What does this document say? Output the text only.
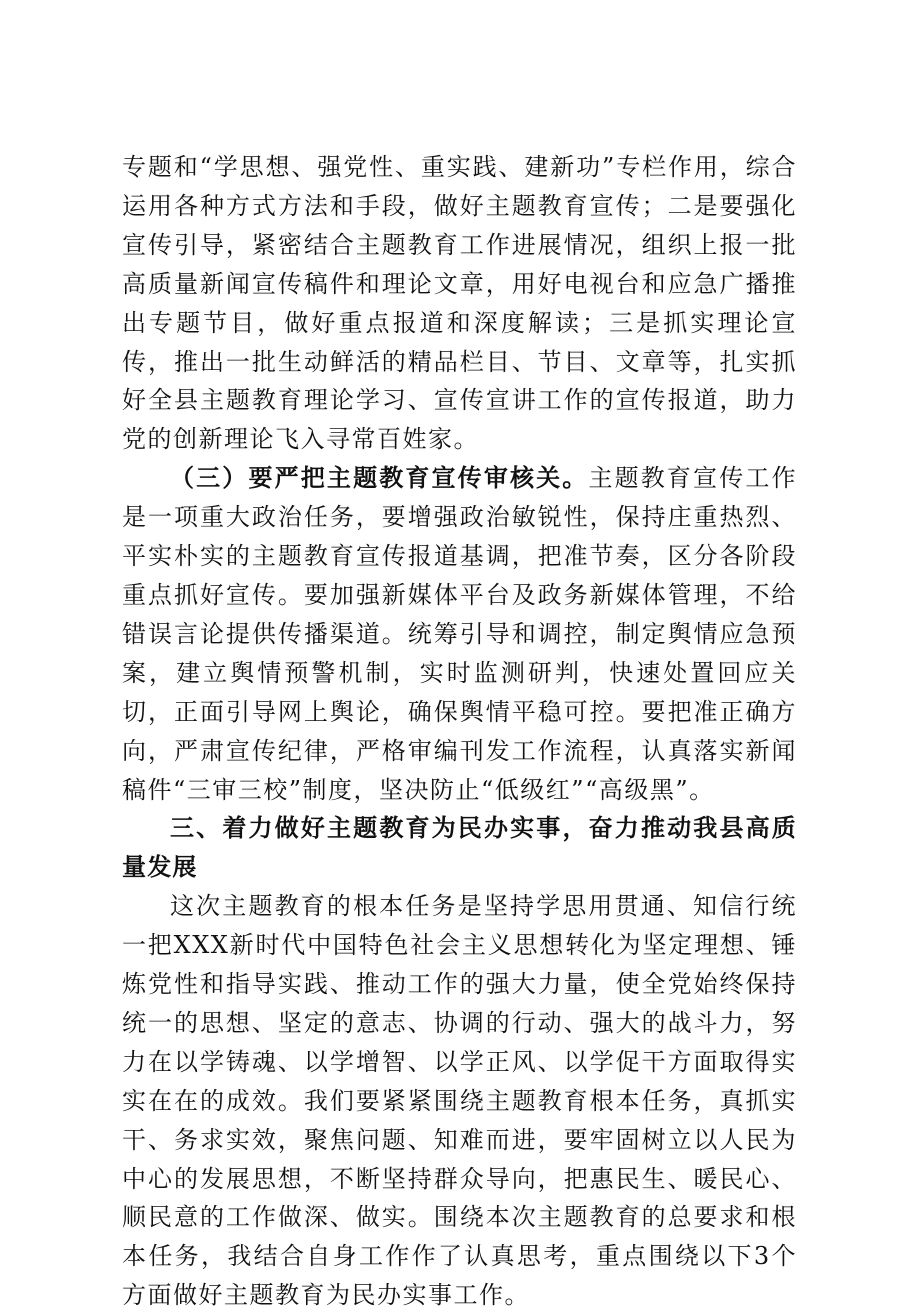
专题和“学思想、强党性、重实践、建新功”专栏作用，综合运用各种方式方法和手段，做好主题教育宣传；二是要强化宣传引导，紧密结合主题教育工作进展情况，组织上报一批高质量新闻宣传稿件和理论文章，用好电视台和应急广播推出专题节目，做好重点报道和深度解读；三是抓实理论宣传，推出一批生动鲜活的精品栏目、节目、文章等，扎实抓好全县主题教育理论学习、宣传宣讲工作的宣传报道，助力党的创新理论飞入寻常百姓家。

（三）要严把主题教育宣传审核关。主题教育宣传工作是一项重大政治任务，要增强政治敏锐性，保持庄重热烈、平实朴实的主题教育宣传报道基调，把准节奏，区分各阶段重点抓好宣传。要加强新媒体平台及政务新媒体管理，不给错误言论提供传播渠道。统筹引导和调控，制定舆情应急预案，建立舆情预警机制，实时监测研判，快速处置回应关切，正面引导网上舆论，确保舆情平稳可控。要把准正确方向，严肃宣传纪律，严格审编刊发工作流程，认真落实新闻稿件“三审三校”制度，坚决防止“低级红”“高级黑”。

三、着力做好主题教育为民办实事，奋力推动我县高质量发展

这次主题教育的根本任务是坚持学思用贯通、知信行统一把XXX新时代中国特色社会主义思想转化为坚定理想、锤炼党性和指导实践、推动工作的强大力量，使全党始终保持统一的思想、坚定的意志、协调的行动、强大的战斗力，努力在以学铸魂、以学增智、以学正风、以学促干方面取得实实在在的成效。我们要紧紧围绕主题教育根本任务，真抓实干、务求实效，聚焦问题、知难而进，要牢固树立以人民为中心的发展思想，不断坚持群众导向，把惠民生、暖民心、顺民意的工作做深、做实。围绕本次主题教育的总要求和根本任务，我结合自身工作作了认真思考，重点围绕以下3个方面做好主题教育为民办实事工作。
